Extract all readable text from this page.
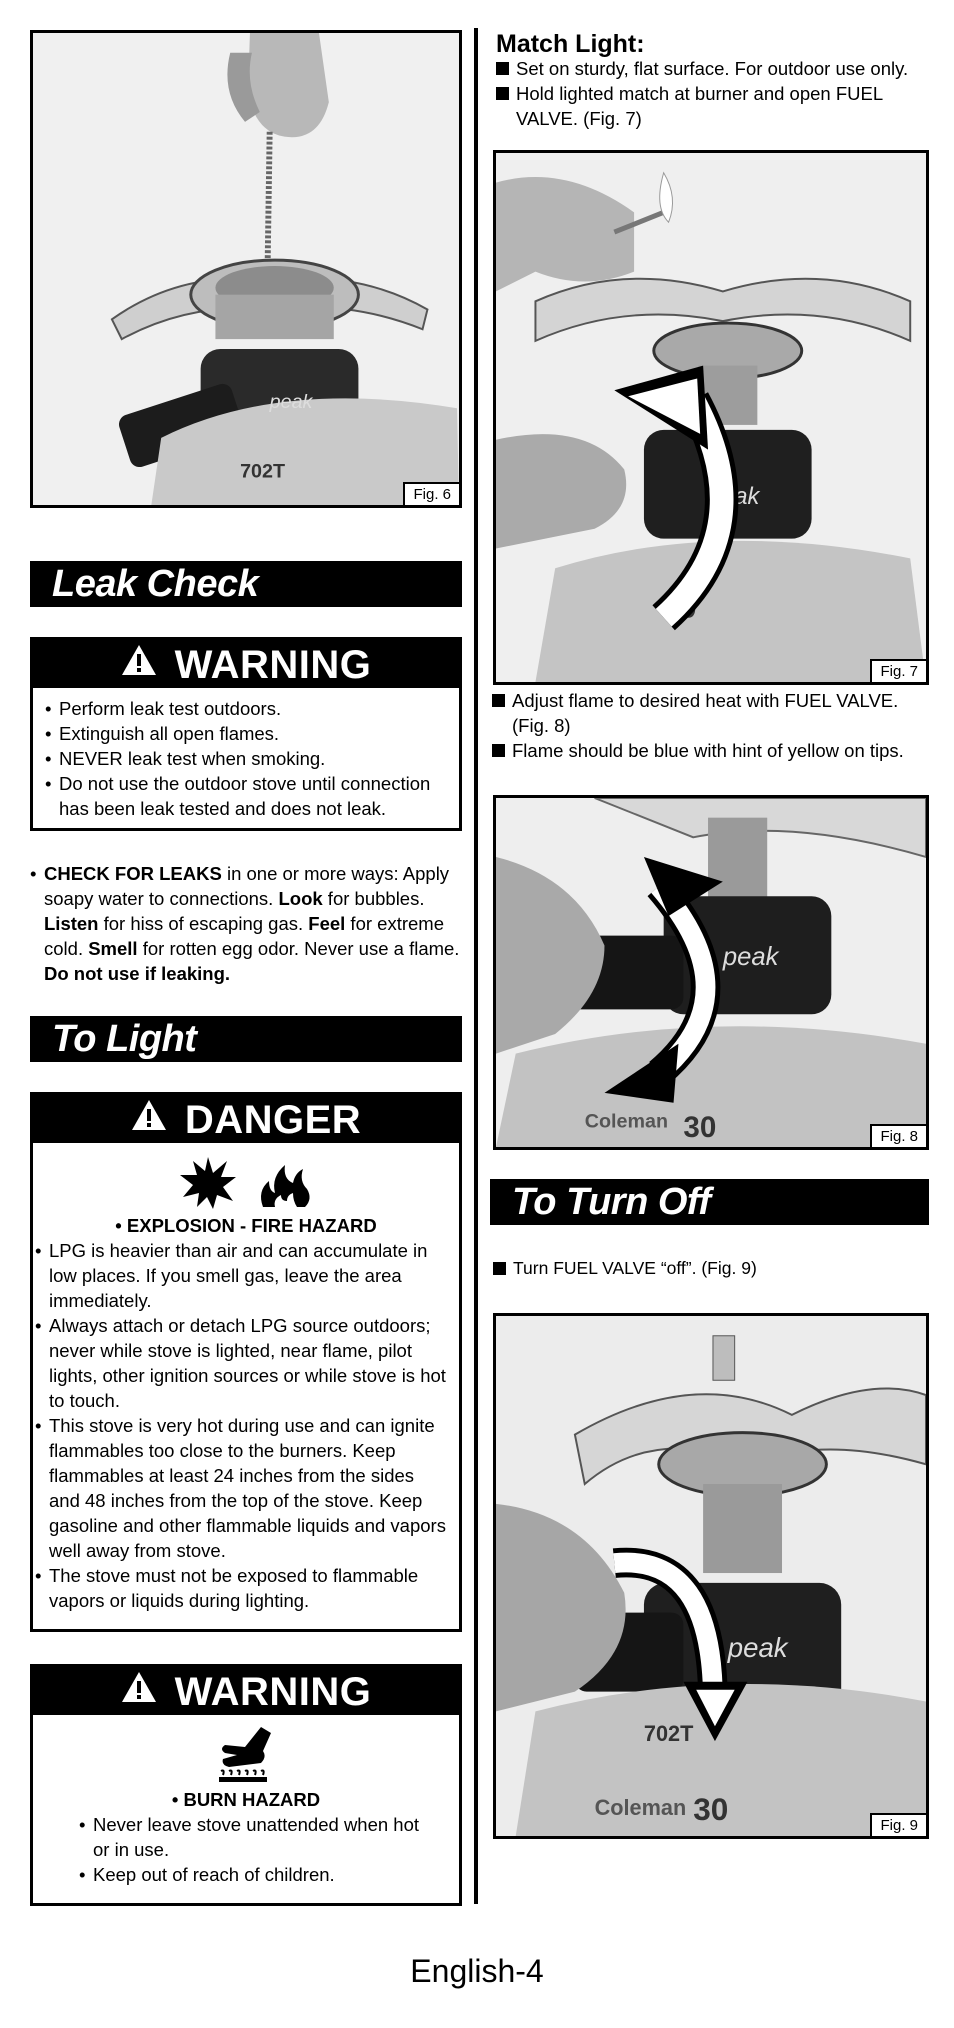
peak
702T
Fig. 6
Leak Check
WARNING
• Perform leak test outdoors.
• Extinguish all open flames.
• NEVER leak test when smoking.
• Do not use the outdoor stove until connection has been leak tested and does not leak.
• CHECK FOR LEAKS in one or more ways: Apply soapy water to connections. Look for bubbles. Listen for hiss of escaping gas. Feel for extreme cold. Smell for rotten egg odor. Never use a flame. Do not use if leaking.
To Light
DANGER

• EXPLOSION - FIRE HAZARD
• LPG is heavier than air and can accumulate in low places. If you smell gas, leave the area immediately.
• Always attach or detach LPG source outdoors; never while stove is lighted, near flame, pilot lights, other ignition sources or while stove is hot to touch.
• This stove is very hot during use and can ignite flammables too close to the burners. Keep flammables at least 24 inches from the sides and 48 inches from the top of the stove. Keep gasoline and other flammable liquids and vapors well away from stove.
• The stove must not be exposed to flammable vapors or liquids during lighting.
WARNING
• BURN HAZARD
• Never leave stove unattended when hot or in use.
• Keep out of reach of children.
Match Light:
Set on sturdy, flat surface. For outdoor use only.
Hold lighted match at burner and open FUEL VALVE. (Fig. 7)
peak
30
Fig. 7
Adjust flame to desired heat with FUEL VALVE. (Fig. 8)
Flame should be blue with hint of yellow on tips.
peak
Coleman 30	Fig. 8
To Turn Off
Turn FUEL VALVE “off”. (Fig. 9)
peak
702T
Coleman 30	Fig. 9
English-4
